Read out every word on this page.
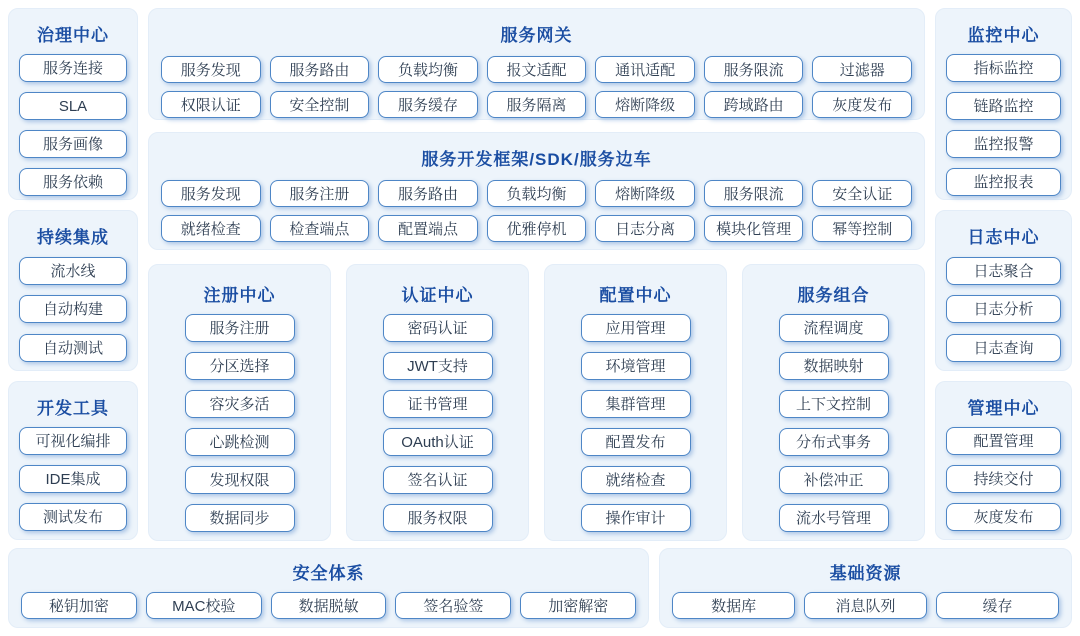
治理中心
服务连接
SLA
服务画像
服务依赖
持续集成
流水线
自动构建
自动测试
开发工具
可视化编排
IDE集成
测试发布
服务网关
服务发现	服务路由	负载均衡	报文适配	通讯适配	服务限流	过滤器
权限认证	安全控制	服务缓存	服务隔离	熔断降级	跨域路由	灰度发布
服务开发框架/SDK/服务边车
服务发现	服务注册	服务路由	负载均衡	熔断降级	服务限流	安全认证
就绪检查	检查端点	配置端点	优雅停机	日志分离	模块化管理	幂等控制
注册中心
服务注册
分区选择
容灾多活
心跳检测
发现权限
数据同步
认证中心
密码认证
JWT支持
证书管理
OAuth认证
签名认证
服务权限
配置中心
应用管理
环境管理
集群管理
配置发布
就绪检查
操作审计
服务组合
流程调度
数据映射
上下文控制
分布式事务
补偿冲正
流水号管理
监控中心
指标监控
链路监控
监控报警
监控报表
日志中心
日志聚合
日志分析
日志查询
管理中心
配置管理
持续交付
灰度发布
安全体系
秘钥加密	MAC校验	数据脱敏	签名验签	加密解密
基础资源
数据库	消息队列	缓存
